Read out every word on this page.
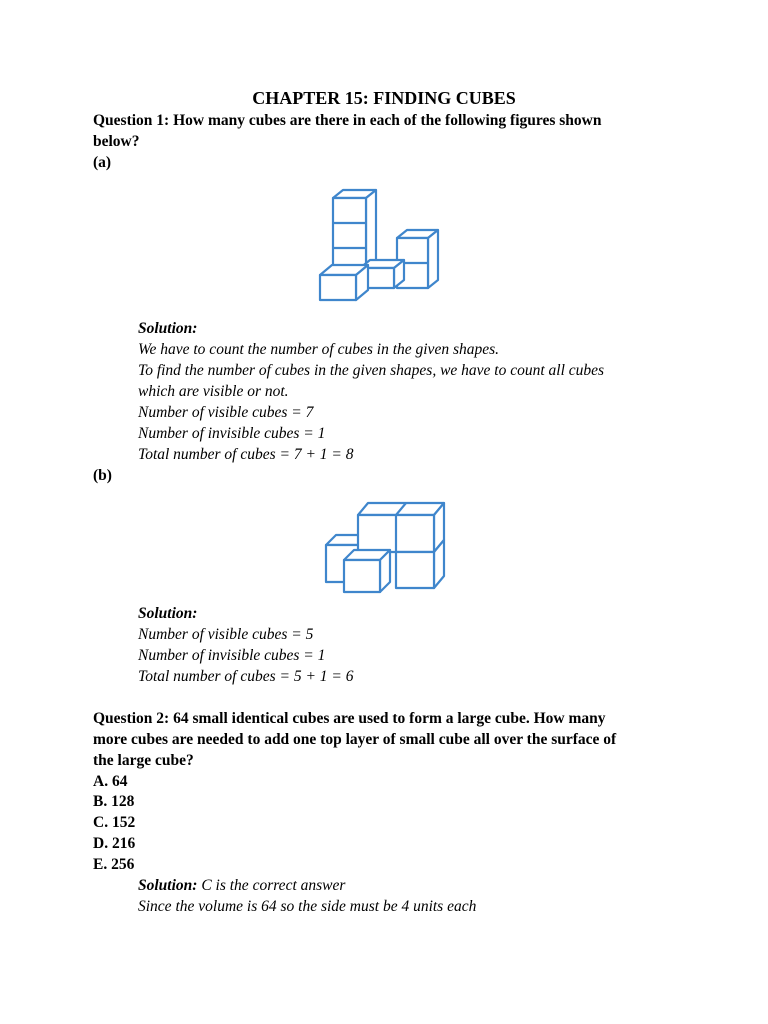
CHAPTER 15: FINDING CUBES
Question 1: How many cubes are there in each of the following figures shown
below?
(a)
Solution:
We have to count the number of cubes in the given shapes.
To find the number of cubes in the given shapes, we have to count all cubes
which are visible or not.
Number of visible cubes = 7
Number of invisible cubes = 1
Total number of cubes = 7 + 1 = 8
(b)
Solution:
Number of visible cubes = 5
Number of invisible cubes = 1
Total number of cubes = 5 + 1 = 6
Question 2: 64 small identical cubes are used to form a large cube. How many
more cubes are needed to add one top layer of small cube all over the surface of
the large cube?
A. 64
B. 128
C. 152
D. 216
E. 256
Solution: C is the correct answer
Since the volume is 64 so the side must be 4 units each
